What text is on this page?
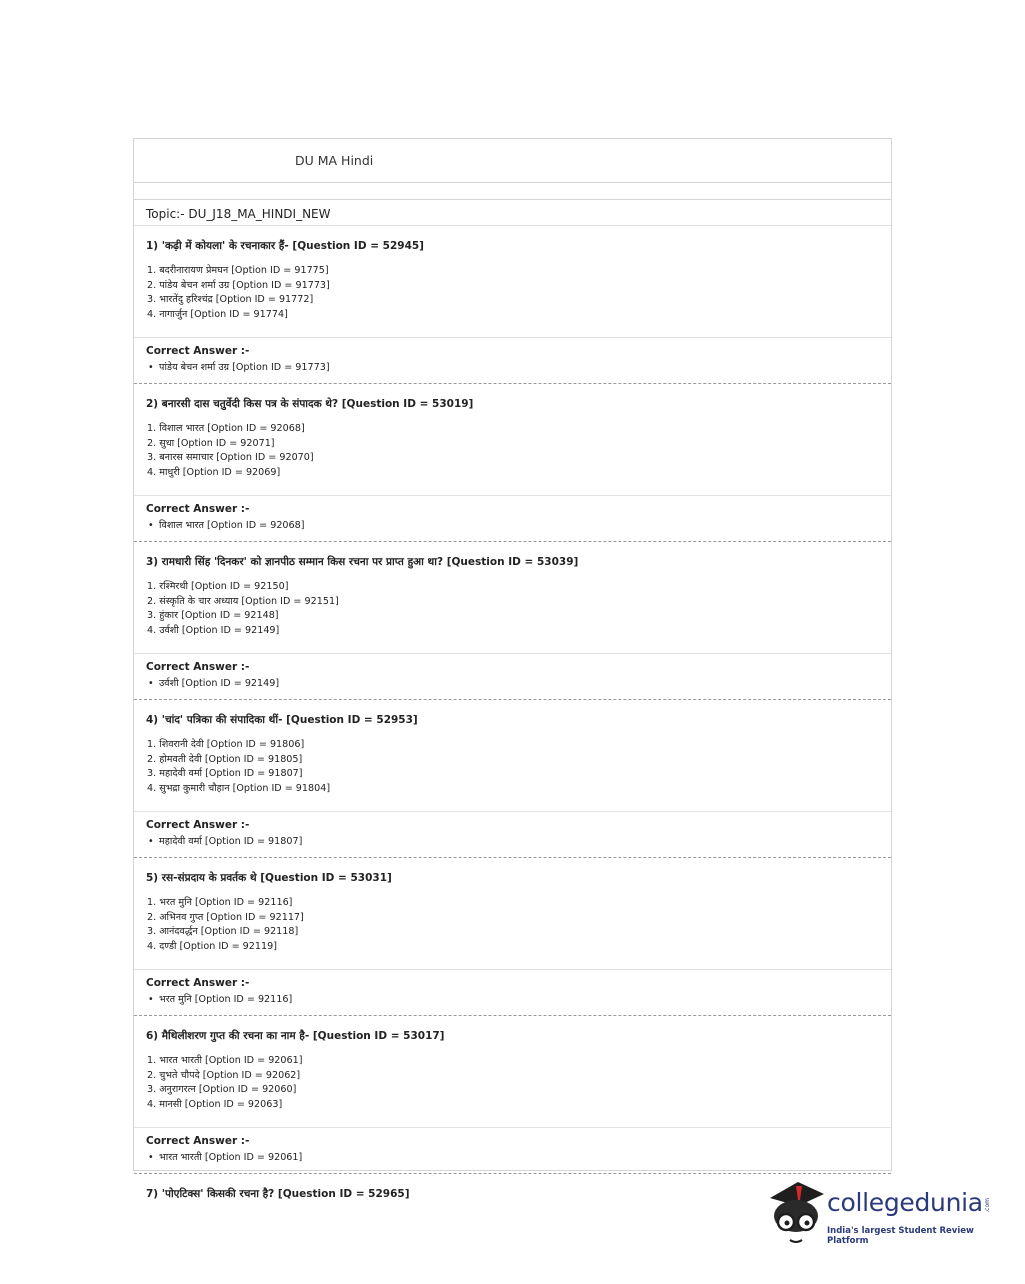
DU MA Hindi
Topic:- DU_J18_MA_HINDI_NEW
1) 'कढ़ी में कोयला' के रचनाकार हैं- [Question ID = 52945]
1. बदरीनारायण प्रेमघन [Option ID = 91775]
2. पांडेय बेचन शर्मा उग्र [Option ID = 91773]
3. भारतेंदु हरिश्चंद्र [Option ID = 91772]
4. नागार्जुन [Option ID = 91774]
Correct Answer :-
• पांडेय बेचन शर्मा उग्र [Option ID = 91773]
2) बनारसी दास चतुर्वेदी किस पत्र के संपादक थे? [Question ID = 53019]
1. विशाल भारत [Option ID = 92068]
2. सुधा [Option ID = 92071]
3. बनारस समाचार [Option ID = 92070]
4. माधुरी [Option ID = 92069]
Correct Answer :-
• विशाल भारत [Option ID = 92068]
3) रामधारी सिंह 'दिनकर' को ज्ञानपीठ सम्मान किस रचना पर प्राप्त हुआ था? [Question ID = 53039]
1. रश्मिरथी [Option ID = 92150]
2. संस्कृति के चार अध्याय [Option ID = 92151]
3. हुंकार [Option ID = 92148]
4. उर्वशी [Option ID = 92149]
Correct Answer :-
• उर्वशी [Option ID = 92149]
4) 'चांद' पत्रिका की संपादिका थीं- [Question ID = 52953]
1. शिवरानी देवी [Option ID = 91806]
2. होमवती देवी [Option ID = 91805]
3. महादेवी वर्मा [Option ID = 91807]
4. सुभद्रा कुमारी चौहान [Option ID = 91804]
Correct Answer :-
• महादेवी वर्मा [Option ID = 91807]
5) रस-संप्रदाय के प्रवर्तक थे [Question ID = 53031]
1. भरत मुनि [Option ID = 92116]
2. अभिनव गुप्त [Option ID = 92117]
3. आनंदवर्द्धन [Option ID = 92118]
4. दण्डी [Option ID = 92119]
Correct Answer :-
• भरत मुनि [Option ID = 92116]
6) मैथिलीशरण गुप्त की रचना का नाम है- [Question ID = 53017]
1. भारत भारती [Option ID = 92061]
2. चुभते चौपदे [Option ID = 92062]
3. अनुरागरत्न [Option ID = 92060]
4. मानसी [Option ID = 92063]
Correct Answer :-
• भारत भारती [Option ID = 92061]
7) 'पोएटिक्स' किसकी रचना है? [Question ID = 52965]	collegedunia .com
India's largest Student Review Platform
